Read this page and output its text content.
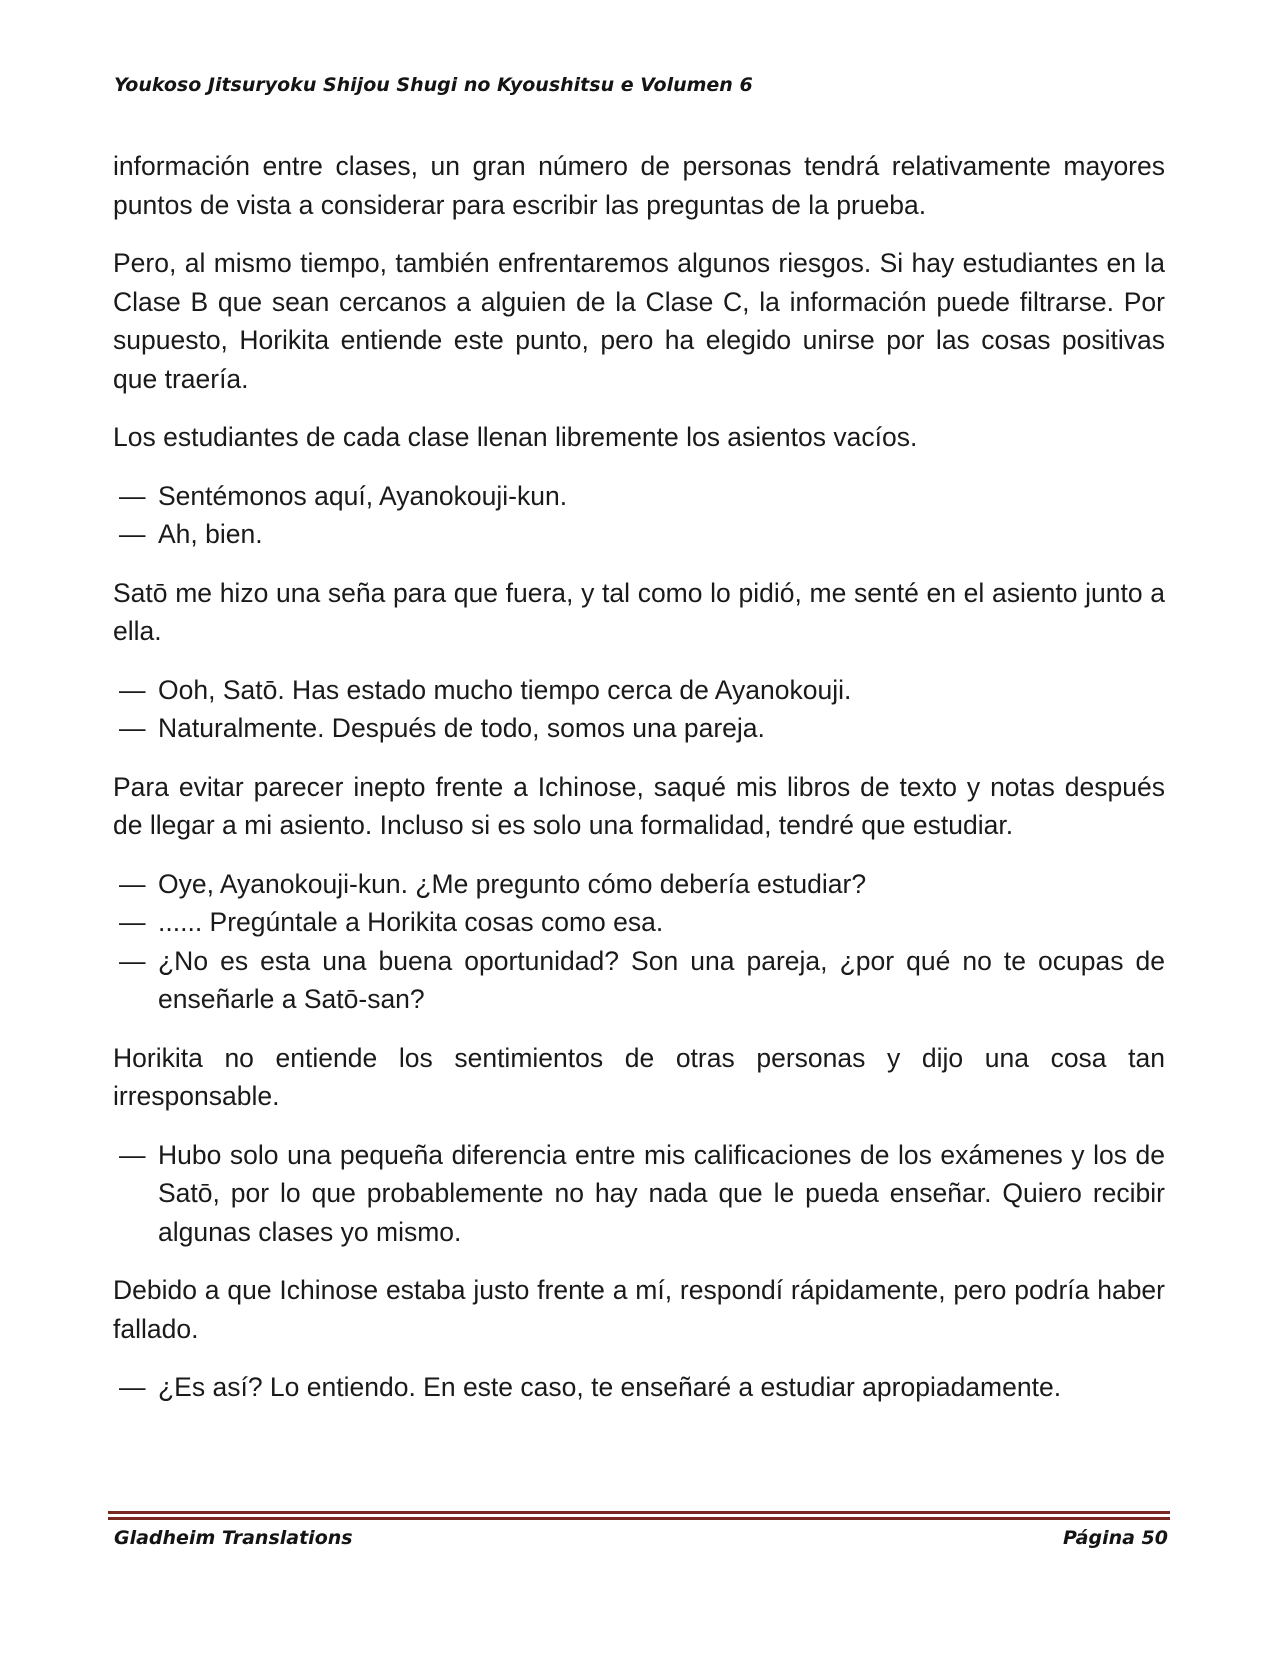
Youkoso Jitsuryoku Shijou Shugi no Kyoushitsu e Volumen 6
información entre clases, un gran número de personas tendrá relativamente mayores puntos de vista a considerar para escribir las preguntas de la prueba.
Pero, al mismo tiempo, también enfrentaremos algunos riesgos. Si hay estudiantes en la Clase B que sean cercanos a alguien de la Clase C, la información puede filtrarse. Por supuesto, Horikita entiende este punto, pero ha elegido unirse por las cosas positivas que traería.
Los estudiantes de cada clase llenan libremente los asientos vacíos.
— Sentémonos aquí, Ayanokouji-kun.
— Ah, bien.
Satō me hizo una seña para que fuera, y tal como lo pidió, me senté en el asiento junto a ella.
— Ooh, Satō. Has estado mucho tiempo cerca de Ayanokouji.
— Naturalmente. Después de todo, somos una pareja.
Para evitar parecer inepto frente a Ichinose, saqué mis libros de texto y notas después de llegar a mi asiento. Incluso si es solo una formalidad, tendré que estudiar.
— Oye, Ayanokouji-kun. ¿Me pregunto cómo debería estudiar?
— ...... Pregúntale a Horikita cosas como esa.
— ¿No es esta una buena oportunidad? Son una pareja, ¿por qué no te ocupas de enseñarle a Satō-san?
Horikita no entiende los sentimientos de otras personas y dijo una cosa tan irresponsable.
— Hubo solo una pequeña diferencia entre mis calificaciones de los exámenes y los de Satō, por lo que probablemente no hay nada que le pueda enseñar. Quiero recibir algunas clases yo mismo.
Debido a que Ichinose estaba justo frente a mí, respondí rápidamente, pero podría haber fallado.
— ¿Es así? Lo entiendo. En este caso, te enseñaré a estudiar apropiadamente.
Gladheim Translations	Página 50
